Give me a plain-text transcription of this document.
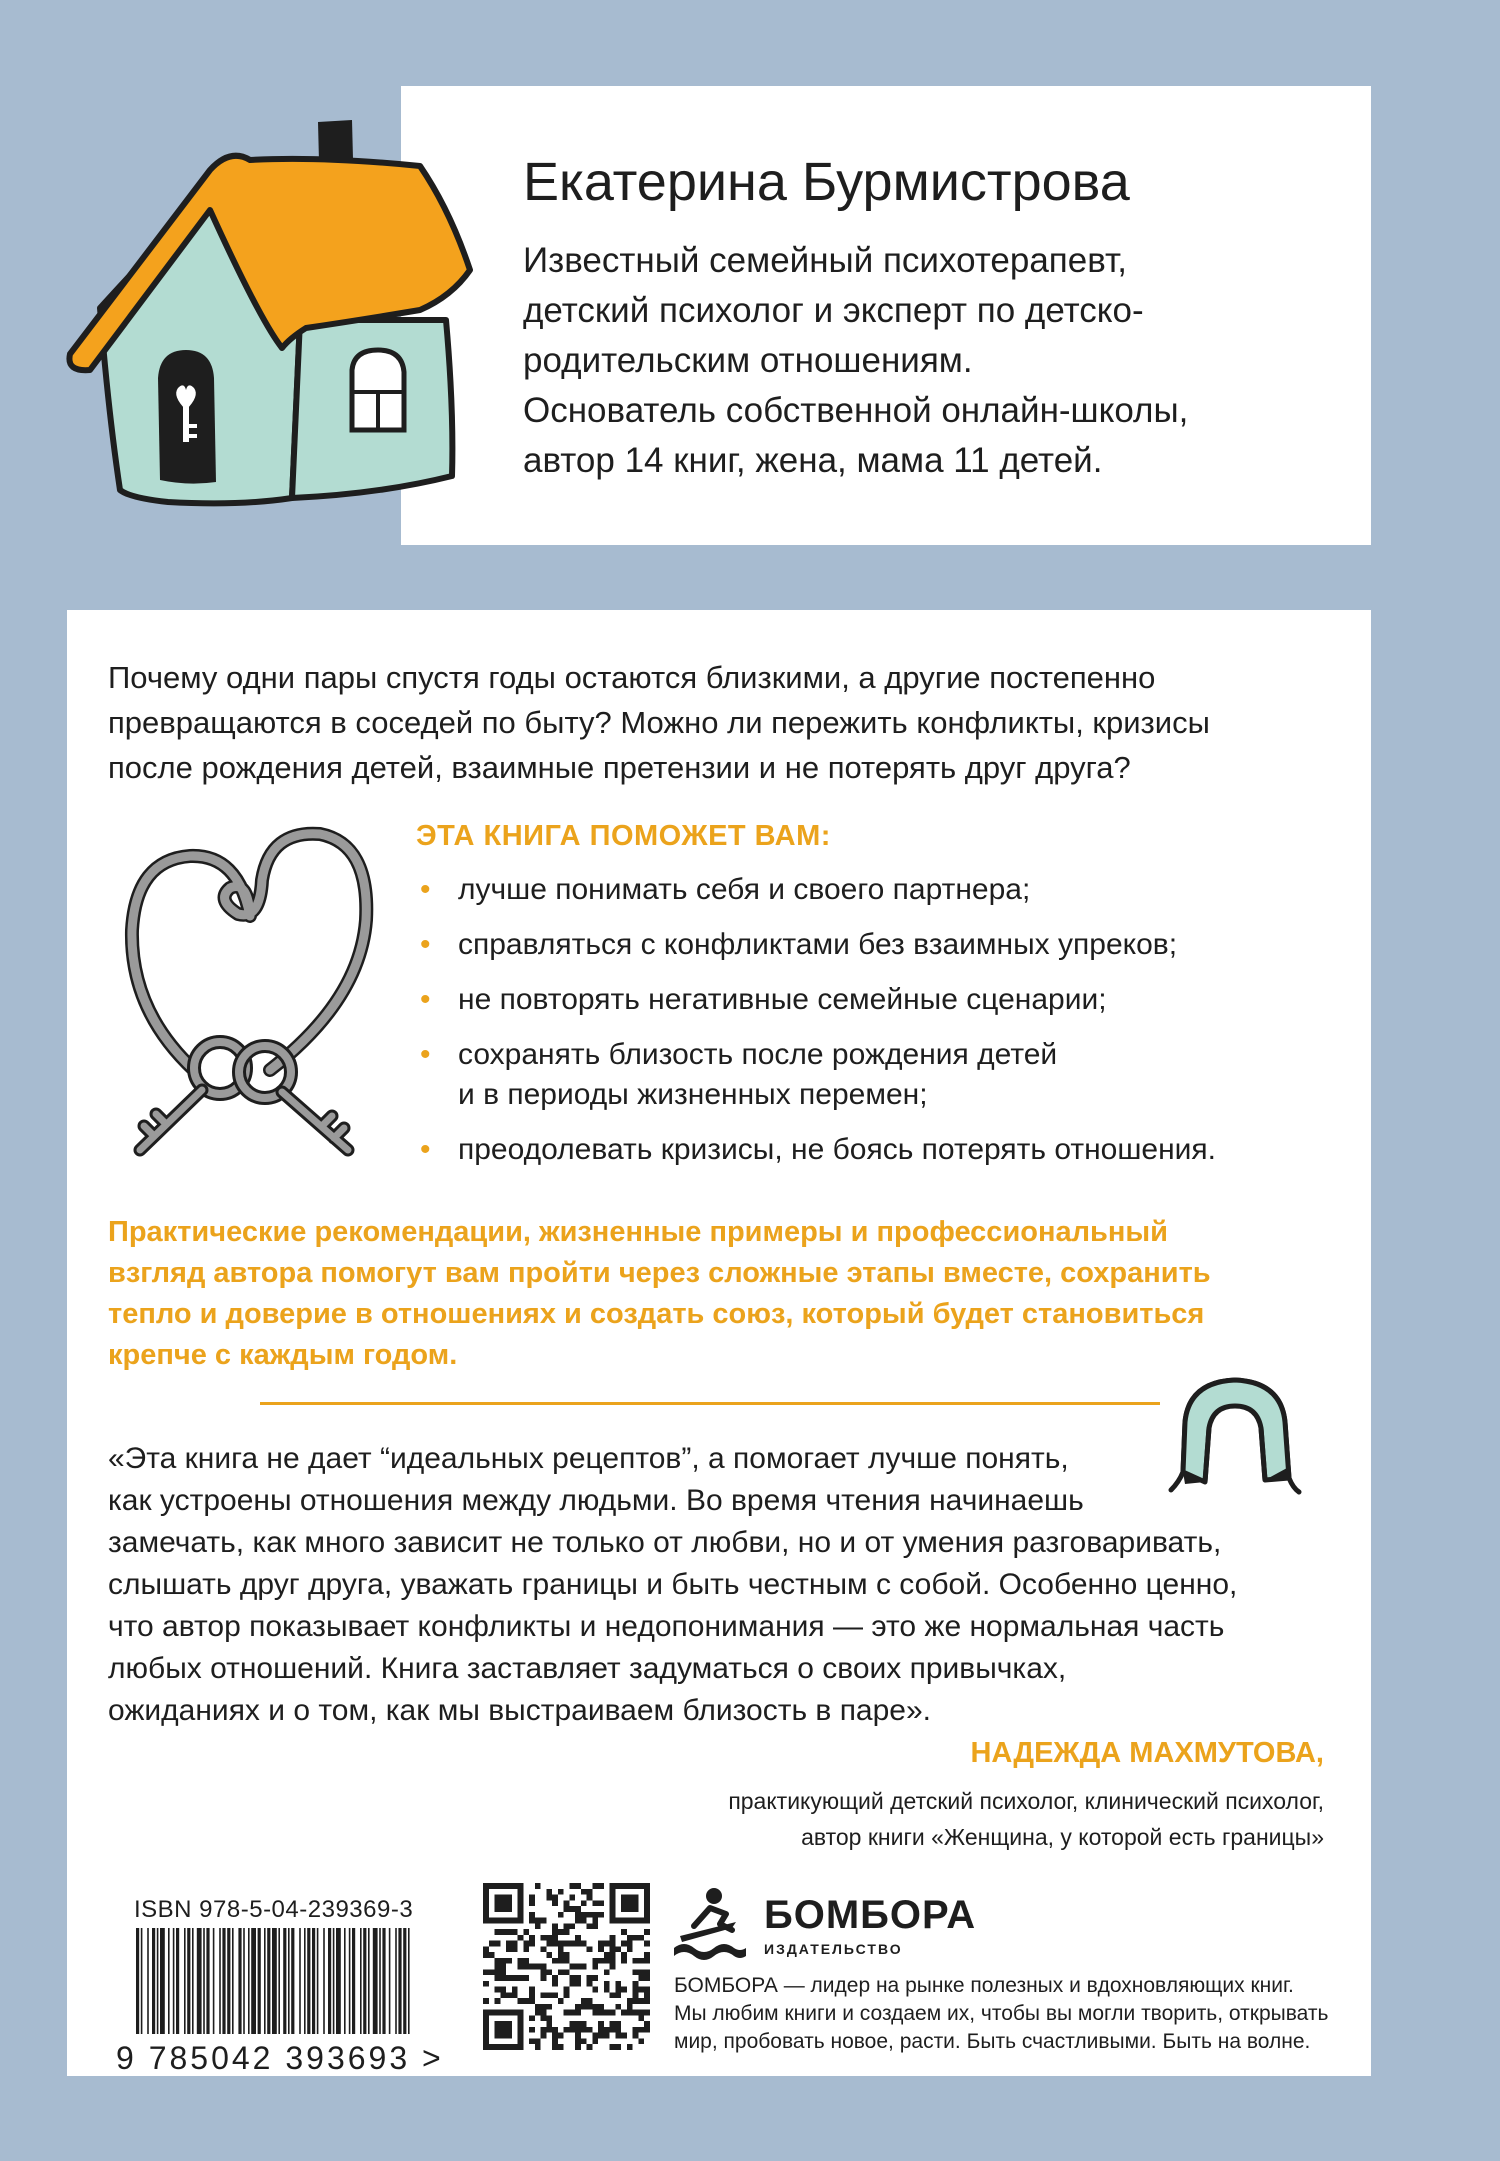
Екатерина Бурмистрова
Известный семейный психотерапевт,
детский психолог и эксперт по детско-
родительским отношениям.
Основатель собственной онлайн-школы,
автор 14 книг, жена, мама 11 детей.
Почему одни пары спустя годы остаются близкими, а другие постепенно
превращаются в соседей по быту? Можно ли пережить конфликты, кризисы
после рождения детей, взаимные претензии и не потерять друг друга?
ЭТА КНИГА ПОМОЖЕТ ВАМ:
• лучше понимать себя и своего партнера;
• справляться с конфликтами без взаимных упреков;
• не повторять негативные семейные сценарии;
• сохранять близость после рождения детей
и в периоды жизненных перемен;
• преодолевать кризисы, не боясь потерять отношения.
Практические рекомендации, жизненные примеры и профессиональный
взгляд автора помогут вам пройти через сложные этапы вместе, сохранить
тепло и доверие в отношениях и создать союз, который будет становиться
крепче с каждым годом.
«Эта книга не дает “идеальных рецептов”, а помогает лучше понять,
как устроены отношения между людьми. Во время чтения начинаешь
замечать, как много зависит не только от любви, но и от умения разговаривать,
слышать друг друга, уважать границы и быть честным с собой. Особенно ценно,
что автор показывает конфликты и недопонимания — это же нормальная часть
любых отношений. Книга заставляет задуматься о своих привычках,
ожиданиях и о том, как мы выстраиваем близость в паре».
НАДЕЖДА МАХМУТОВА,
практикующий детский психолог, клинический психолог,
автор книги «Женщина, у которой есть границы»
ISBN 978-5-04-239369-3
9 785042 393693 >
БОМБОРА
ИЗДАТЕЛЬСТВО
БОМБОРА — лидер на рынке полезных и вдохновляющих книг.
Мы любим книги и создаем их, чтобы вы могли творить, открывать
мир, пробовать новое, расти. Быть счастливыми. Быть на волне.
